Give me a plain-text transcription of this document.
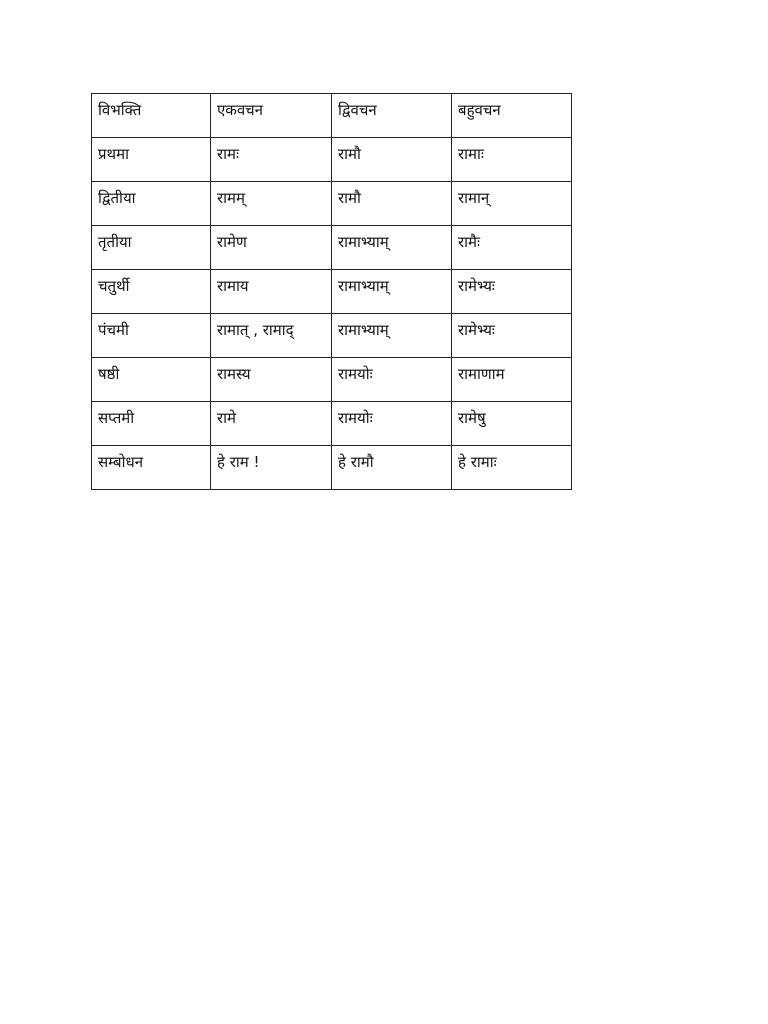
विभक्ति	एकवचन	द्विवचन	बहुवचन
प्रथमा	रामः	रामौ	रामाः
द्वितीया	रामम्	रामौ	रामान्
तृतीया	रामेण	रामाभ्याम्	रामैः
चतुर्थी	रामाय	रामाभ्याम्	रामेभ्यः
पंचमी	रामात् , रामाद्	रामाभ्याम्	रामेभ्यः
षष्ठी	रामस्य	रामयोः	रामाणाम
सप्तमी	रामे	रामयोः	रामेषु
सम्बोधन	हे राम !	हे रामौ	हे रामाः
